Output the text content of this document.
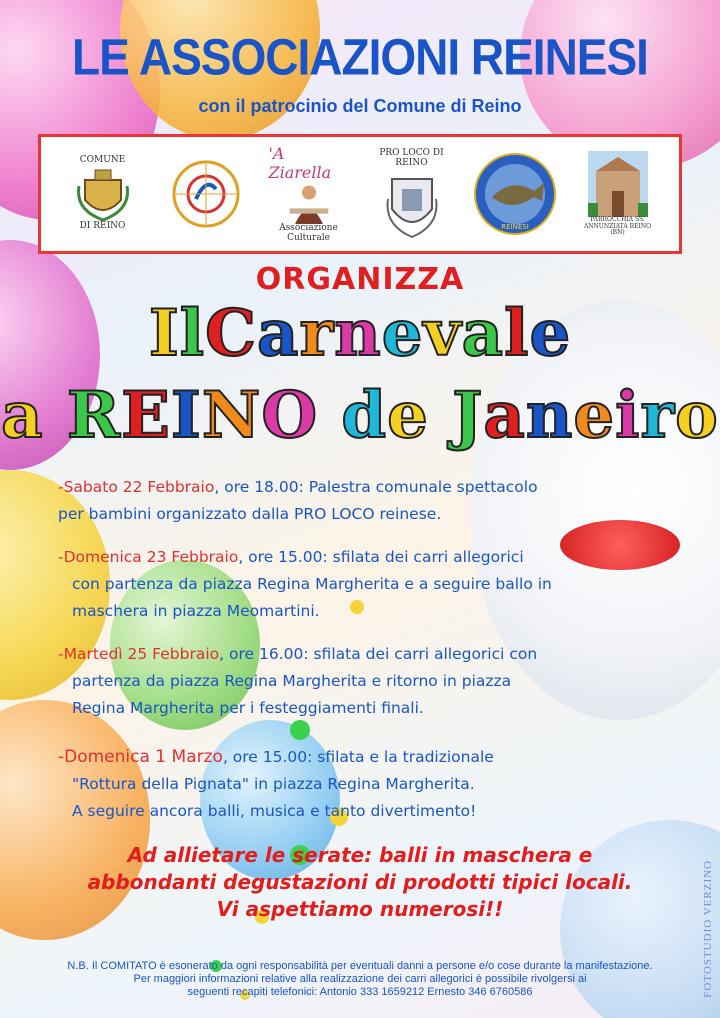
LE ASSOCIAZIONI REINESI
con il patrocinio del Comune di Reino
COMUNE
DI REINO
'A Ziarella
Associazione Culturale
PRO LOCO DI REINO
REINESI
PARROCCHIA SS. ANNUNZIATA REINO (BN)
ORGANIZZA
IlCarnevale
a REINO de Janeiro
-Sabato 22 Febbraio, ore 18.00: Palestra comunale spettacolo
per bambini organizzato dalla PRO LOCO reinese.
-Domenica 23 Febbraio, ore 15.00: sfilata dei carri allegorici
con partenza da piazza Regina Margherita e a seguire ballo in
maschera in piazza Meomartini.
-Martedì 25 Febbraio, ore 16.00: sfilata dei carri allegorici con
partenza da piazza Regina Margherita e ritorno in piazza
Regina Margherita per i festeggiamenti finali.
-Domenica 1 Marzo, ore 15.00: sfilata e la tradizionale
"Rottura della Pignata" in piazza Regina Margherita.
A seguire ancora balli, musica e tanto divertimento!
Ad allietare le serate: balli in maschera e
abbondanti degustazioni di prodotti tipici locali.
Vi aspettiamo numerosi!!
N.B. Il COMITATO è esonerato da ogni responsabilità per eventuali danni a persone e/o cose durante la manifestazione.
Per maggiori informazioni relative alla realizzazione dei carri allegorici è possibile rivolgersi ai
seguenti recapiti telefonici: Antonio 333 1659212 Ernesto 346 6760586	FOTOSTUDIO VERZINO
